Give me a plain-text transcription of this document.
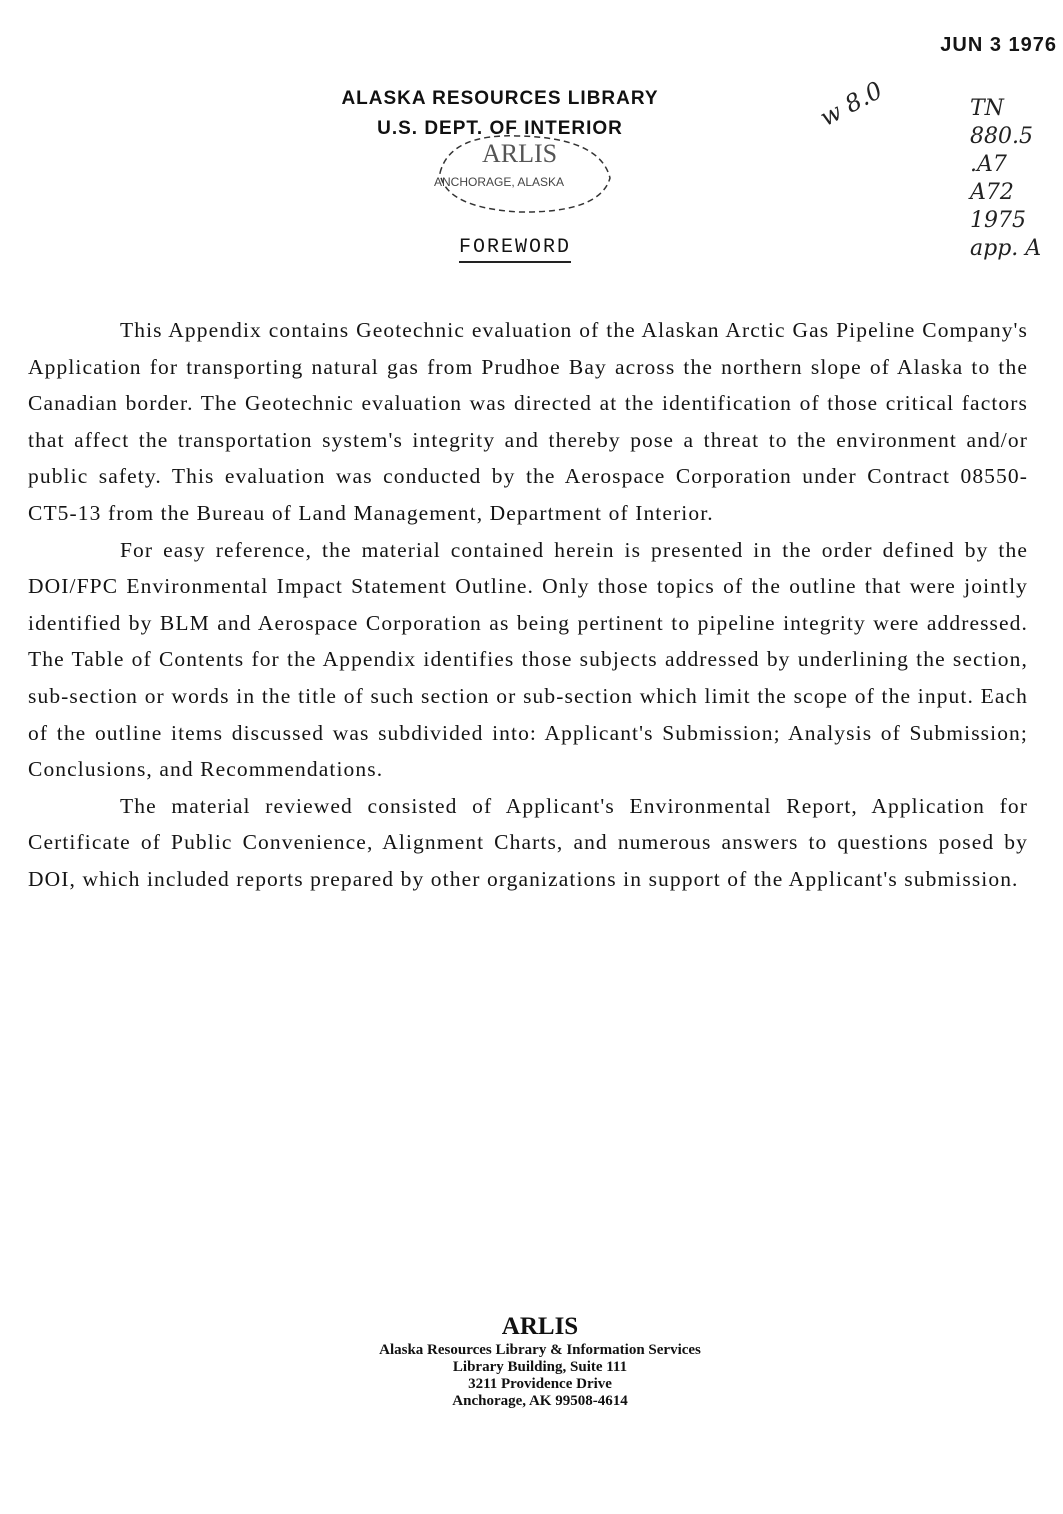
JUN 3 1976
ALASKA RESOURCES LIBRARY
U.S. DEPT. OF INTERIOR
ARLIS
ANCHORAGE, ALASKA
w 8.0	TN
880.5
.A7
A72
1975
app. A
FOREWORD

This Appendix contains Geotechnic evaluation of the Alaskan Arctic Gas Pipeline Company's Application for transporting natural gas from Prudhoe Bay across the northern slope of Alaska to the Canadian border. The Geotechnic evaluation was directed at the identification of those critical factors that affect the transportation system's integrity and thereby pose a threat to the environment and/or public safety. This evaluation was conducted by the Aerospace Corporation under Contract 08550-CT5-13 from the Bureau of Land Management, Department of Interior.

For easy reference, the material contained herein is presented in the order defined by the DOI/FPC Environmental Impact Statement Outline. Only those topics of the outline that were jointly identified by BLM and Aerospace Corporation as being pertinent to pipeline integrity were addressed. The Table of Contents for the Appendix identifies those subjects addressed by underlining the section, sub-section or words in the title of such section or sub-section which limit the scope of the input. Each of the outline items discussed was subdivided into: Applicant's Submission; Analysis of Submission; Conclusions, and Recommendations.

The material reviewed consisted of Applicant's Environmental Report, Application for Certificate of Public Convenience, Alignment Charts, and numerous answers to questions posed by DOI, which included reports prepared by other organizations in support of the Applicant's submission.

ARLIS
Alaska Resources Library & Information Services
Library Building, Suite 111
3211 Providence Drive
Anchorage, AK 99508-4614
